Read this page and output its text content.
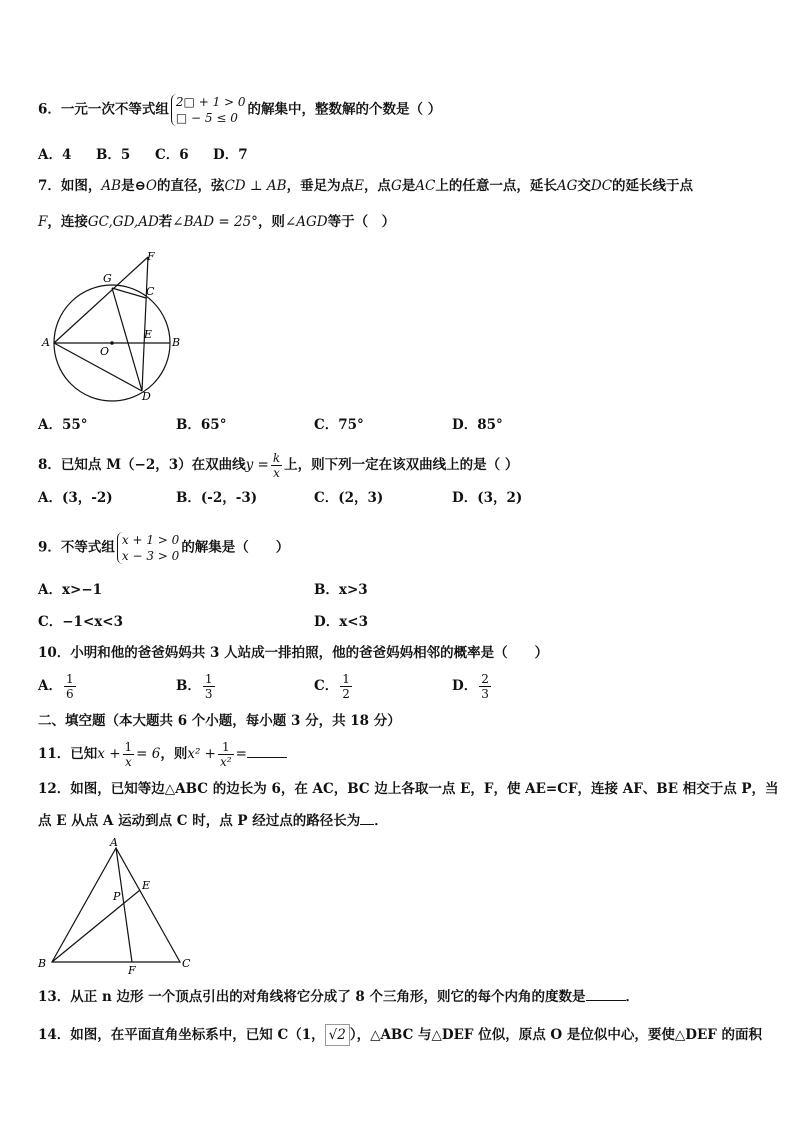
6．一元一次不等式组 2□ + 1 > 0
□ − 5 ≤ 0
的解集中，整数解的个数是（ ）
A．4 B．5 C．6 D．7
7．如图，AB是⊖O的直径，弦CD ⊥ AB，垂足为点E，点G是AC上的任意一点，延长AG交DC的延长线于点
F，连接GC,GD,AD若∠BAD = 25°，则∠AGD等于（　）
F
G
C
A
O
E
B
D
A．55°	B．65°	C．75°	D．85°
8．已知点 M（−2，3）在双曲线$y = \frac{k}{x}$ 上，则下列一定在该双曲线上的是（ ）
A．(3，-2)	B．(-2，-3)	C．(2，3)	D．(3，2)
9．不等式组 x + 1 > 0
x − 3 > 0
的解集是（　　）
A．x>−1	B．x>3
C．−1<x<3	D．x<3
10．小明和他的爸爸妈妈共 3 人站成一排拍照，他的爸爸妈妈相邻的概率是（　　）
A． $\frac{1}{6}$	B． $\frac{1}{3}$	C． $\frac{1}{2}$	D． $\frac{2}{3}$
二、填空题（本大题共 6 个小题，每小题 3 分，共 18 分）
11．已知$x + \frac{1}{x} = 6$，则$x^2 + \frac{1}{\text{x²}}$ =
12．如图，已知等边△ABC 的边长为 6，在 AC，BC 边上各取一点 E，F，使 AE=CF，连接 AF、BE 相交于点 P，当
点 E 从点 A 运动到点 C 时，点 P 经过点的路径长为 ．
A
E
P
B
F
C
13．从正 n 边形 一个顶点引出的对角线将它分成了 8 个三角形，则它的每个内角的度数是	．
14．如图，在平面直角坐标系中，已知 C（1， √2 ），△ABC 与△DEF 位似，原点 O 是位似中心，要使△DEF 的面积
